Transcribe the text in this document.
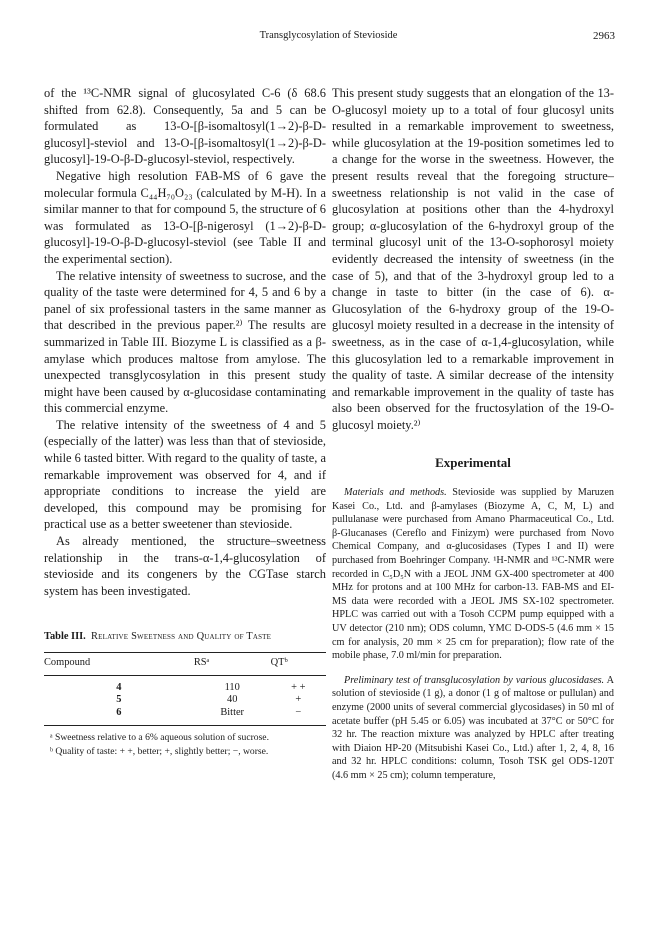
Transglycosylation of Stevioside	2963

of the ¹³C-NMR signal of glucosylated C-6 (δ 68.6 shifted from 62.8). Consequently, 5a and 5 can be formulated as 13-O-[β-isomaltosyl(1→2)-β-D-glucosyl]-steviol and 13-O-[β-isomaltosyl(1→2)-β-D-glucosyl]-19-O-β-D-glucosyl-steviol, respectively.

Negative high resolution FAB-MS of 6 gave the molecular formula C₄₄H₇₀O₂₃ (calculated by M-H). In a similar manner to that for compound 5, the structure of 6 was formulated as 13-O-[β-nigerosyl (1→2)-β-D-glucosyl]-19-O-β-D-glucosyl-steviol (see Table II and the experimental section).

The relative intensity of sweetness to sucrose, and the quality of the taste were determined for 4, 5 and 6 by a panel of six professional tasters in the same manner as that described in the previous paper.²⁾ The results are summarized in Table III. Biozyme L is classified as a β-amylase which produces maltose from amylose. The unexpected transglycosylation in this present study might have been caused by α-glucosidase contaminating this commercial enzyme.

The relative intensity of the sweetness of 4 and 5 (especially of the latter) was less than that of stevioside, while 6 tasted bitter. With regard to the quality of taste, a remarkable improvement was observed for 4, and if appropriate conditions to increase the yield are developed, this compound may be promising for practical use as a better sweetener than stevioside.

As already mentioned, the structure–sweetness relationship in the trans-α-1,4-glucosylation of stevioside and its congeners by the CGTase starch system has been investigated.

Table III. Relative Sweetness and Quality of Taste
Compound	RSᵃ	QTᵇ
4	110	+ +
5	40	+
6	Bitter	−
ᵃ Sweetness relative to a 6% aqueous solution of sucrose.
ᵇ Quality of taste: + +, better; +, slightly better; −, worse.

This present study suggests that an elongation of the 13-O-glucosyl moiety up to a total of four glucosyl units resulted in a remarkable improvement to sweetness, while glucosylation at the 19-position sometimes led to a change for the worse in the sweetness. However, the present results reveal that the foregoing structure–sweetness relationship is not valid in the case of glucosylation at positions other than the 4-hydroxyl group; α-glucosylation of the 6-hydroxyl group of the terminal glucosyl unit of the 13-O-sophorosyl moiety evidently decreased the intensity of sweetness (in the case of 5), and that of the 3-hydroxyl group led to a change in taste to bitter (in the case of 6). α-Glucosylation of the 6-hydroxy group of the 19-O-glucosyl moiety resulted in a decrease in the intensity of sweetness, as in the case of α-1,4-glucosylation, while this glucosylation led to a remarkable improvement in the quality of taste. A similar decrease of the intensity and remarkable improvement in the quality of taste has also been observed for the fructosylation of the 19-O-glucosyl moiety.²⁾

Experimental

Materials and methods. Stevioside was supplied by Maruzen Kasei Co., Ltd. and β-amylases (Biozyme A, C, M, L) and pullulanase were purchased from Amano Pharmaceutical Co., Ltd. β-Glucanases (Cereflo and Finizym) were purchased from Novo Chemical Company, and α-glucosidases (Types I and II) were purchased from Boehringer Company. ¹H-NMR and ¹³C-NMR were recorded in C₅D₅N with a JEOL JNM GX-400 spectrometer at 400 MHz for protons and at 100 MHz for carbon-13. FAB-MS and EI-MS data were recorded with a JEOL JMS SX-102 spectrometer. HPLC was carried out with a Tosoh CCPM pump equipped with a UV detector (210 nm); ODS column, YMC D-ODS-5 (4.6 mm × 15 cm for analysis, 20 mm × 25 cm for preparation); flow rate of the mobile phase, 7.0 ml/min for preparation.

Preliminary test of transglucosylation by various glucosidases. A solution of stevioside (1 g), a donor (1 g of maltose or pullulan) and enzyme (2000 units of several commercial glycosidases) in 50 ml of acetate buffer (pH 5.45 or 6.05) was incubated at 37°C or 50°C for 32 hr. The reaction mixture was analyzed by HPLC after treating with Diaion HP-20 (Mitsubishi Kasei Co., Ltd.) after 1, 2, 4, 8, 16 and 32 hr. HPLC conditions: column, Tosoh TSK gel ODS-120T (4.6 mm × 25 cm); column temperature,
